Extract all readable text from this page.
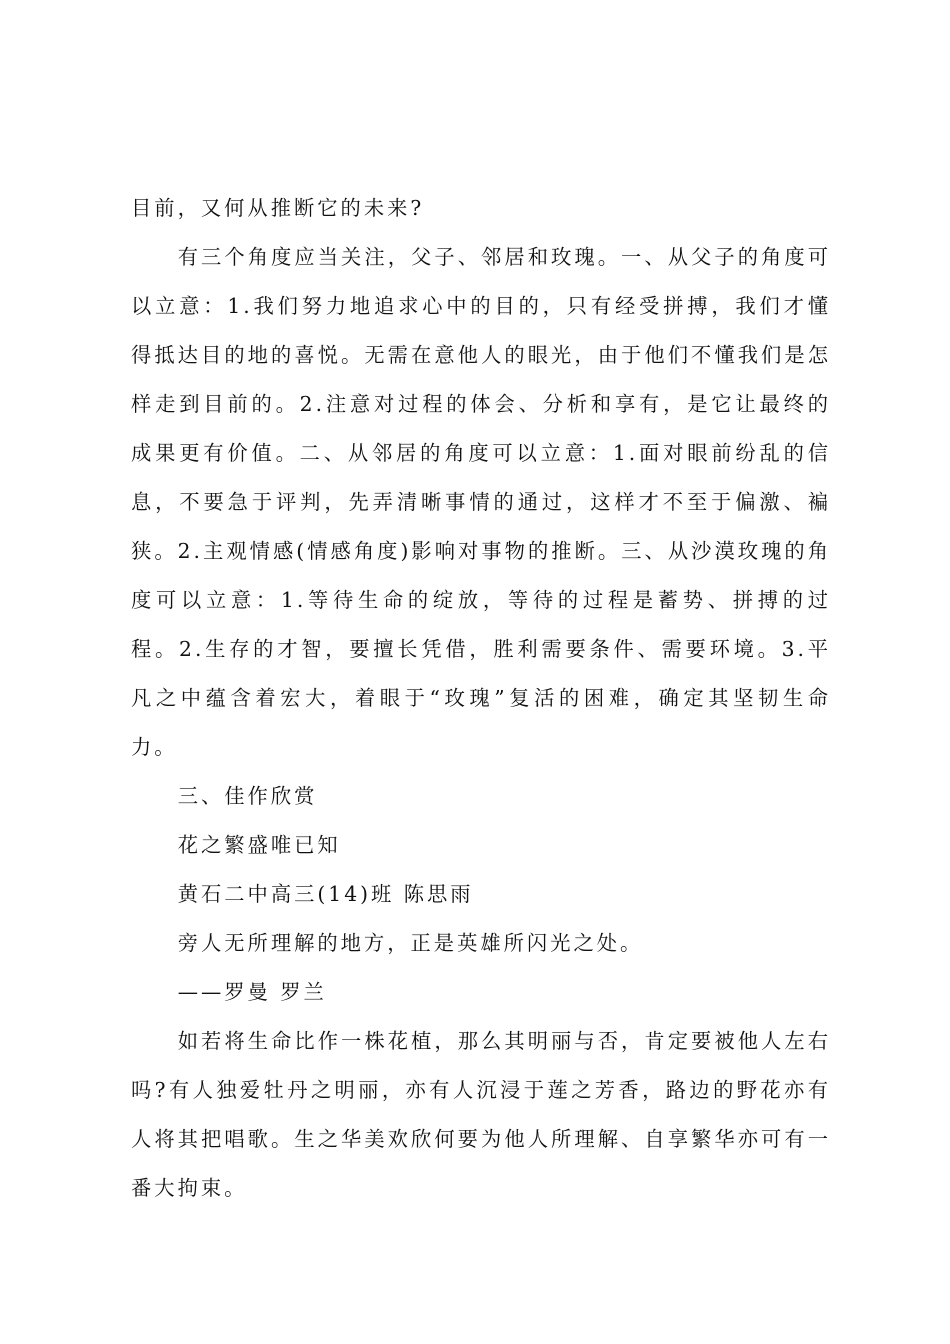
目前，又何从推断它的未来?

有三个角度应当关注，父子、邻居和玫瑰。一、从父子的角度可以立意：1.我们努力地追求心中的目的，只有经受拼搏，我们才懂得抵达目的地的喜悦。无需在意他人的眼光，由于他们不懂我们是怎样走到目前的。2.注意对过程的体会、分析和享有，是它让最终的成果更有价值。二、从邻居的角度可以立意：1.面对眼前纷乱的信息，不要急于评判，先弄清晰事情的通过，这样才不至于偏激、褊狭。2.主观情感(情感角度)影响对事物的推断。三、从沙漠玫瑰的角度可以立意：1.等待生命的绽放，等待的过程是蓄势、拼搏的过程。2.生存的才智，要擅长凭借，胜利需要条件、需要环境。3.平凡之中蕴含着宏大，着眼于“玫瑰”复活的困难，确定其坚韧生命力。

三、佳作欣赏

花之繁盛唯已知

黄石二中高三(14)班 陈思雨

旁人无所理解的地方，正是英雄所闪光之处。

——罗曼 罗兰

如若将生命比作一株花植，那么其明丽与否，肯定要被他人左右吗?有人独爱牡丹之明丽，亦有人沉浸于莲之芳香，路边的野花亦有人将其把唱歌。生之华美欢欣何要为他人所理解、自享繁华亦可有一番大拘束。
